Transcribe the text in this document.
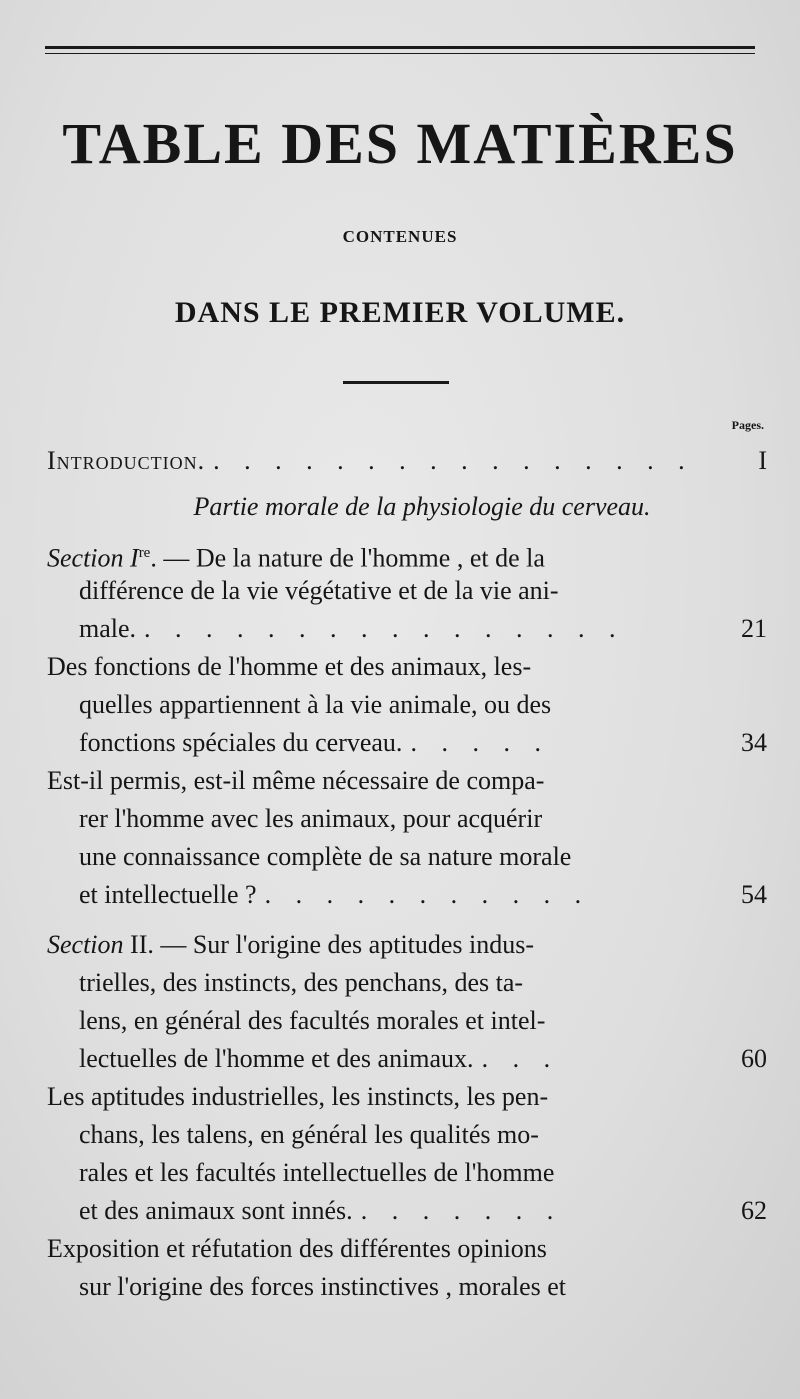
TABLE DES MATIÈRES
CONTENUES
DANS LE PREMIER VOLUME.
Pages.
Introduction. . . . . . . . . . . . . . . . . I
Partie morale de la physiologie du cerveau.
Section Ire. — De la nature de l'homme , et de la
différence de la vie végétative et de la vie ani-
male. . . . . . . . . . . . . . . . .	21
Des fonctions de l'homme et des animaux, les-
quelles appartiennent à la vie animale, ou des
fonctions spéciales du cerveau. . . . . .	34
Est-il permis, est-il même nécessaire de compa-
rer l'homme avec les animaux, pour acquérir
une connaissance complète de sa nature morale
et intellectuelle ? . . . . . . . . . . .	54
Section II. — Sur l'origine des aptitudes indus-
trielles, des instincts, des penchans, des ta-
lens, en général des facultés morales et intel-
lectuelles de l'homme et des animaux. . . .	60
Les aptitudes industrielles, les instincts, les pen-
chans, les talens, en général les qualités mo-
rales et les facultés intellectuelles de l'homme
et des animaux sont innés. . . . . . . .	62
Exposition et réfutation des différentes opinions
sur l'origine des forces instinctives , morales et
